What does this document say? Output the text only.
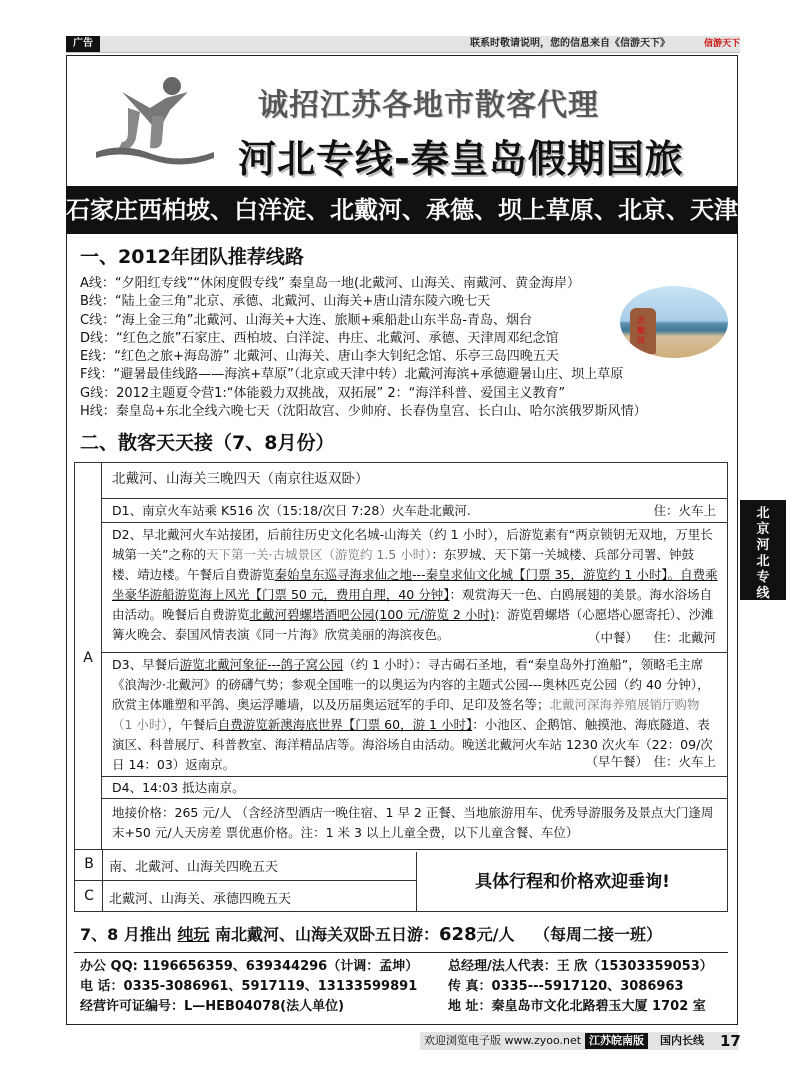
广告	联系时敬请说明，您的信息来自《信游天下》	信游天下
诚招江苏各地市散客代理
河北专线-秦皇岛假期国旅
石家庄西柏坡、白洋淀、北戴河、承德、坝上草原、北京、天津
一、2012年团队推荐线路
A线：“夕阳红专线”“休闲度假专线” 秦皇岛一地(北戴河、山海关、南戴河、黄金海岸）
B线：“陆上金三角”北京、承德、北戴河、山海关+唐山清东陵六晚七天
C线：“海上金三角”北戴河、山海关+大连、旅顺+乘船赴山东半岛-青岛、烟台
D线：“红色之旅”石家庄、西柏坡、白洋淀、冉庄、北戴河、承德、天津周邓纪念馆
E线：“红色之旅+海岛游” 北戴河、山海关、唐山李大钊纪念馆、乐亭三岛四晚五天
F线：“避暑最佳线路——海滨+草原”（北京或天津中转）北戴河海滨+承德避暑山庄、坝上草原
G线：2012主题夏令营1:“体能毅力双挑战，双拓展” 2：“海洋科普、爱国主义教育”
H线：秦皇岛+东北全线六晚七天（沈阳故宫、少帅府、长春伪皇宫、长白山、哈尔滨俄罗斯风情）
北戴河
二、散客天天接（7、8月份）
A
北戴河、山海关三晚四天（南京往返双卧）
D1、南京火车站乘 K516 次（15:18/次日 7:28）火车赴北戴河.	住：火车上
D2、早北戴河火车站接团，后前往历史文化名城-山海关（约 1 小时），后游览素有“两京锁钥无双地，万里长城第一关”之称的天下第一关·古城景区（游览约 1.5 小时）：东罗城、天下第一关城楼、兵部分司署、钟鼓楼、靖边楼。午餐后自费游览秦始皇东巡寻海求仙之地---秦皇求仙文化城【门票 35，游览约 1 小时】。自费乘坐豪华游船游览海上风光【门票 50 元，费用自理，40 分钟】：观赏海天一色、白鸥展翅的美景。海水浴场自由活动。晚餐后自费游览北戴河碧螺塔酒吧公园(100 元/游览 2 小时)：游览碧螺塔（心愿塔心愿寄托）、沙滩篝火晚会、泰国风情表演《同一片海》欣赏美丽的海滨夜色。	（中餐） 住：北戴河
D3、早餐后游览北戴河象征---鸽子窝公园（约 1 小时）：寻古碣石圣地，看“秦皇岛外打渔船”，领略毛主席《浪淘沙·北戴河》的磅礴气势；参观全国唯一的以奥运为内容的主题式公园---奥林匹克公园（约 40 分钟），欣赏主体雕塑和平鸽、奥运浮雕墙，以及历届奥运冠军的手印、足印及签名等；北戴河深海养殖展销厅购物（1 小时），午餐后自费游览新澳海底世界【门票 60，游 1 小时】：小池区、企鹅馆、触摸池、海底隧道、表演区、科普展厅、科普教室、海洋精品店等。海浴场自由活动。晚送北戴河火车站 1230 次火车（22：09/次日 14：03）返南京。	（早午餐） 住：火车上
D4、14:03 抵达南京。
地接价格：265 元/人 （含经济型酒店一晚住宿、1 早 2 正餐、当地旅游用车、优秀导游服务及景点大门逢周末+50 元/人天房差 票优惠价格。注：1 米 3 以上儿童全费，以下儿童含餐、车位）
B	南、北戴河、山海关四晚五天
C	北戴河、山海关、承德四晚五天
具体行程和价格欢迎垂询!
7、8 月推出 纯玩 南北戴河、山海关双卧五日游：628元/人 （每周二接一班）
办公 QQ: 1196656359、639344296（计调：孟坤） 总经理/法人代表：王 欣（15303359053）
电 话：0335-3086961、5917119、13133599891 传 真：0335---5917120、3086963
经营许可证编号：L—HEB04078(法人单位)	地 址：秦皇岛市文化北路碧玉大厦 1702 室
北京河北专线
欢迎浏览电子版 www.zyoo.net 江苏皖南版	国内长线 17
